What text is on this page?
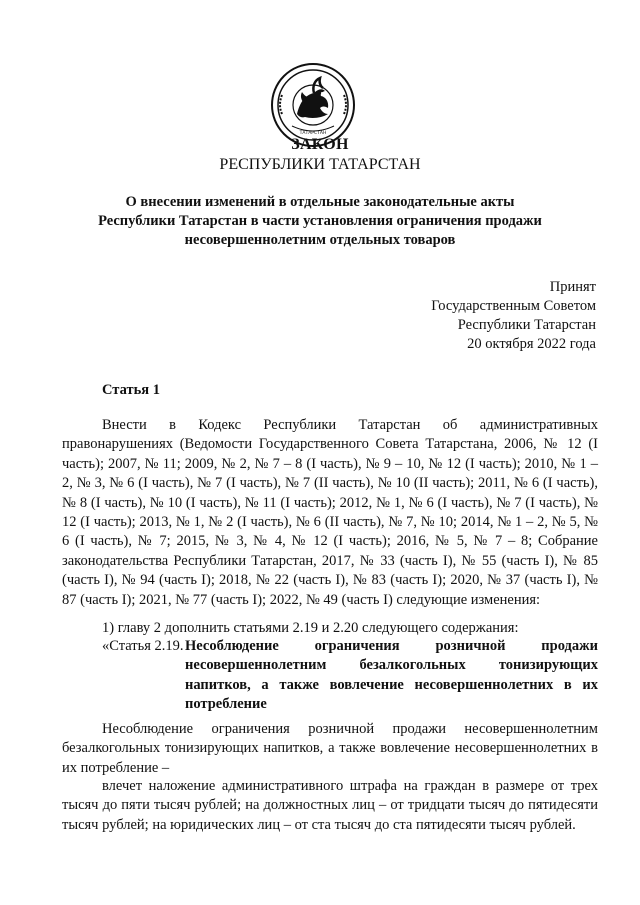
ТАТАРСТАН
ЗАКОН
РЕСПУБЛИКИ ТАТАРСТАН
О внесении изменений в отдельные законодательные акты
Республики Татарстан в части установления ограничения продажи
несовершеннолетним отдельных товаров
Принят
Государственным Советом
Республики Татарстан
20 октября 2022 года
Статья 1
Внести в Кодекс Республики Татарстан об административных правонарушениях (Ведомости Государственного Совета Татарстана, 2006, № 12 (I часть); 2007, № 11; 2009, № 2, № 7 – 8 (I часть), № 9 – 10, № 12 (I часть); 2010, № 1 – 2, № 3, № 6 (I часть), № 7 (I часть), № 7 (II часть), № 10 (II часть); 2011, № 6 (I часть), № 8 (I часть), № 10 (I часть), № 11 (I часть); 2012, № 1, № 6 (I часть), № 7 (I часть), № 12 (I часть); 2013, № 1, № 2 (I часть), № 6 (II часть), № 7, № 10; 2014, № 1 – 2, № 5, № 6 (I часть), № 7; 2015, № 3, № 4, № 12 (I часть); 2016, № 5, № 7 – 8; Собрание законодательства Республики Татарстан, 2017, № 33 (часть I), № 55 (часть I), № 85 (часть I), № 94 (часть I); 2018, № 22 (часть I), № 83 (часть I); 2020, № 37 (часть I), № 87 (часть I); 2021, № 77 (часть I); 2022, № 49 (часть I) следующие изменения:
1) главу 2 дополнить статьями 2.19 и 2.20 следующего содержания:
«Статья 2.19. Несоблюдение ограничения розничной продажи несовершеннолетним безалкогольных тонизирующих напитков, а также вовлечение несовершеннолетних в их потребление
Несоблюдение ограничения розничной продажи несовершеннолетним безалкогольных тонизирующих напитков, а также вовлечение несовершеннолетних в их потребление –
влечет наложение административного штрафа на граждан в размере от трех тысяч до пяти тысяч рублей; на должностных лиц – от тридцати тысяч до пятидесяти тысяч рублей; на юридических лиц – от ста тысяч до ста пятидесяти тысяч рублей.
